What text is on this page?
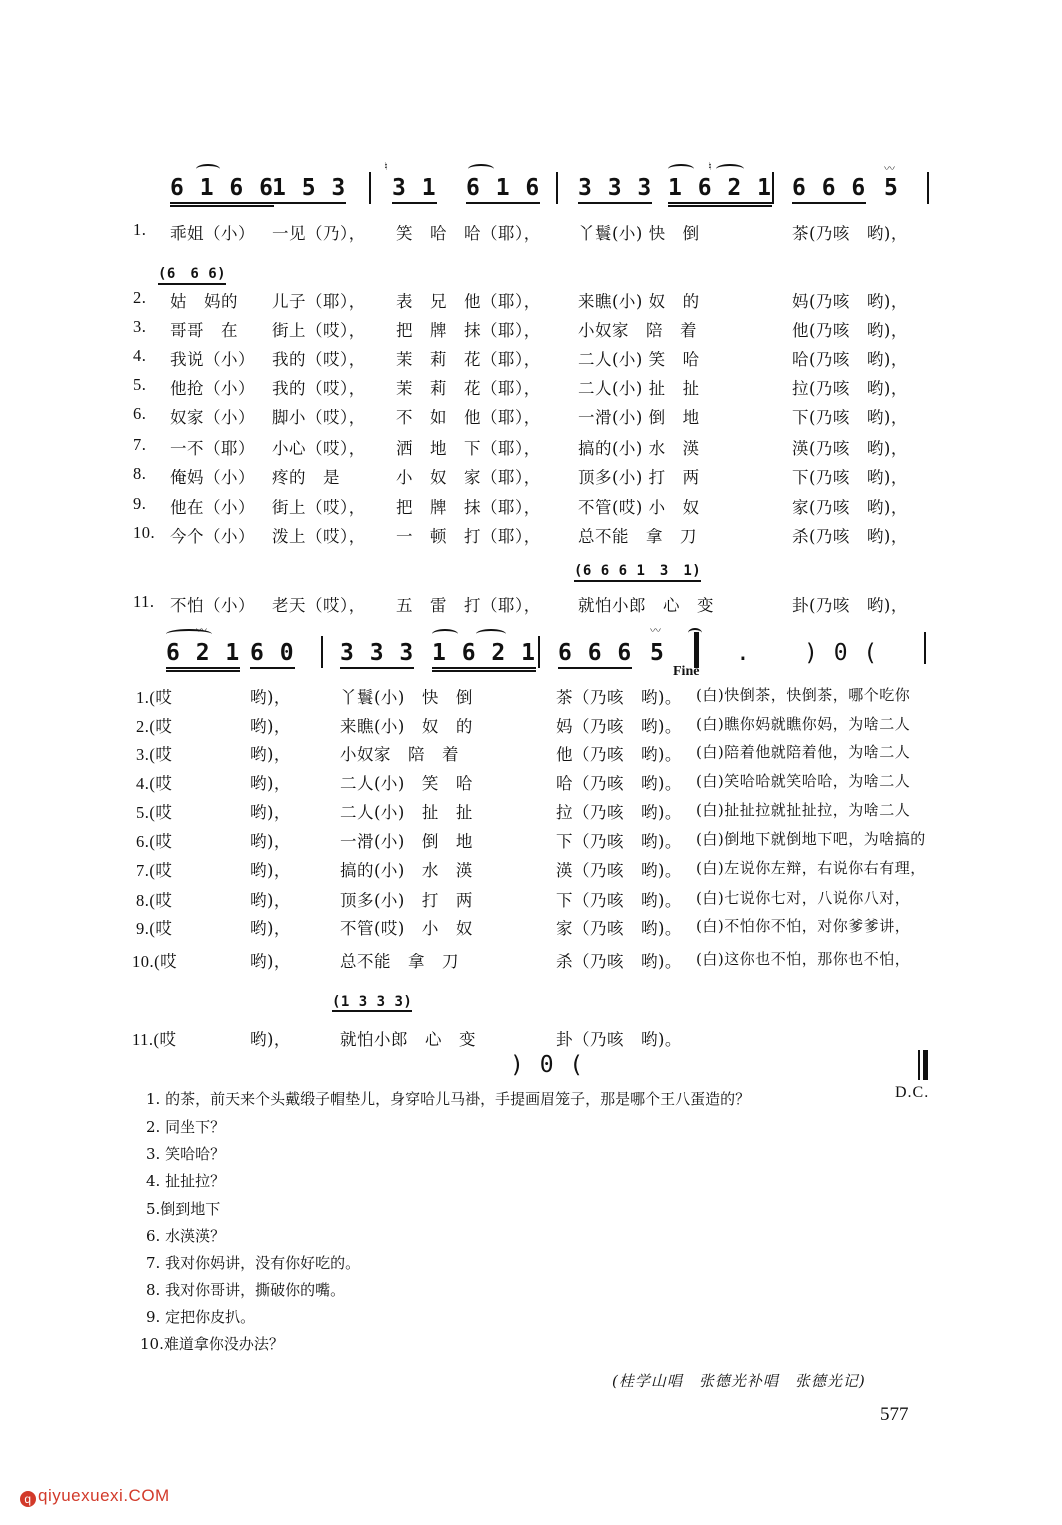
6 1 6 6
1 5 3 3 1 6 1 6 3 3 3 1 6 2 1 6 6 6 5
♮	♮	〰
1. 乖姐（小） 一见（乃）， 笑　哈　哈（耶）， 丫鬟(小) 快　倒	茶(乃咳　哟)，
(6　6 6)
2. 姑　妈的 儿子（耶）， 表　兄　他（耶）， 来瞧(小) 奴　的	妈(乃咳　哟)，
3. 哥哥　在 街上（哎）， 把　牌　抹（耶）， 小奴家　陪　着	他(乃咳　哟)，
4. 我说（小） 我的（哎）， 茉　莉　花（耶）， 二人(小) 笑　哈	哈(乃咳　哟)，
5. 他抢（小） 我的（哎）， 茉　莉　花（耶）， 二人(小) 扯　扯	拉(乃咳　哟)，
6. 奴家（小） 脚小（哎）， 不　如　他（耶）， 一滑(小) 倒　地	下(乃咳　哟)，
7. 一不（耶） 小心（哎）， 洒　地　下（耶）， 搞的(小) 水　渶	渶(乃咳　哟)，
8. 俺妈（小） 疼的　是	小　奴　家（耶）， 顶多(小) 打　两	下(乃咳　哟)，
9. 他在（小） 街上（哎）， 把　牌　抹（耶）， 不管(哎) 小　奴	家(乃咳　哟)，
10. 今个（小） 泼上（哎）， 一　顿　打（耶）， 总不能　拿　刀	杀(乃咳　哟)，
(6 6 6 1　3　1)
11. 不怕（小） 老天（哎）， 五　雷　打（耶）， 就怕小郎　心　变	卦(乃咳　哟)，
6 2 1 6 0 3 3 3 1 6 2 1 6 6 6 5
Fine
. ) 0 (
〰	〰
1.(哎	哟)，	丫鬟(小)　快　倒	茶（乃咳　哟)。 (白)快倒茶，快倒茶，哪个吃你
2.(哎	哟)，	来瞧(小)　奴　的	妈（乃咳　哟)。 (白)瞧你妈就瞧你妈，为啥二人
3.(哎	哟)，	小奴家　陪　着	他（乃咳　哟)。 (白)陪着他就陪着他，为啥二人
4.(哎	哟)，	二人(小)　笑　哈	哈（乃咳　哟)。 (白)笑哈哈就笑哈哈，为啥二人
5.(哎	哟)，	二人(小)　扯　扯	拉（乃咳　哟)。 (白)扯扯拉就扯扯拉，为啥二人
6.(哎	哟)，	一滑(小)　倒　地	下（乃咳　哟)。 (白)倒地下就倒地下吧，为啥搞的
7.(哎	哟)，	搞的(小)　水　渶	渶（乃咳　哟)。 (白)左说你左辩，右说你右有理，
8.(哎	哟)，	顶多(小)　打　两	下（乃咳　哟)。 (白)七说你七对，八说你八对，
9.(哎	哟)，	不管(哎)　小　奴	家（乃咳　哟)。 (白)不怕你不怕，对你爹爹讲，
10.(哎	哟)，	总不能　拿　刀	杀（乃咳　哟)。 (白)这你也不怕，那你也不怕，
(1 3 3 3)
11.(哎	哟)，	就怕小郎　心　变	卦（乃咳　哟)。
) 0 (
1. 的茶，前天来个头戴缎子帽垫儿，身穿哈儿马褂，手提画眉笼子，那是哪个王八蛋造的？	D.C.
2. 同坐下？
3. 笑哈哈？
4. 扯扯拉？
5.倒到地下
6. 水渶渶？
7. 我对你妈讲，没有你好吃的。
8. 我对你哥讲，撕破你的嘴。
9. 定把你皮扒。
10.难道拿你没办法？
(桂学山唱　张德光补唱　张德光记)
577
q qiyuexuexi.COM
